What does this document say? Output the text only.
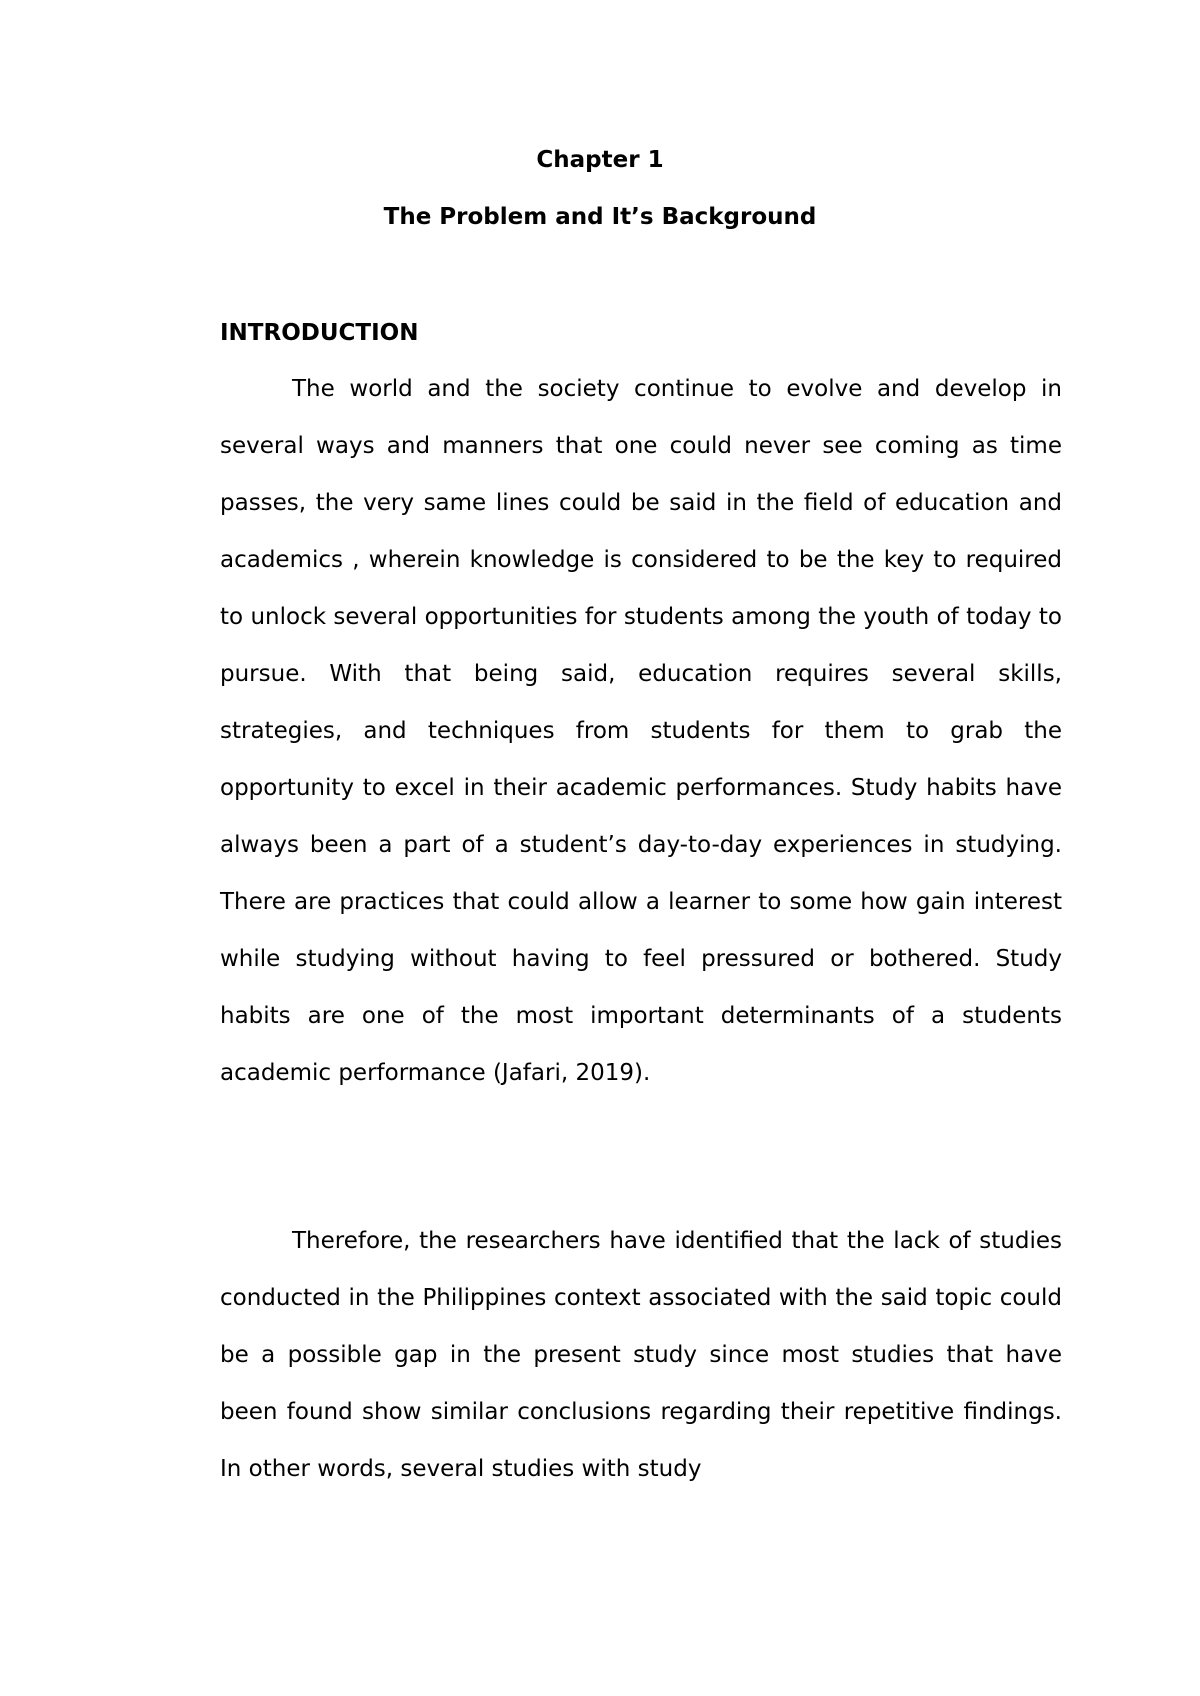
Chapter 1

The Problem and It’s Background

INTRODUCTION

The world and the society continue to evolve and develop in several ways and manners that one could never see coming as time passes, the very same lines could be said in the field of education and academics , wherein knowledge is considered to be the key to required to unlock several opportunities for students among the youth of today to pursue. With that being said, education requires several skills, strategies, and techniques from students for them to grab the opportunity to excel in their academic performances. Study habits have always been a part of a student’s day-to-day experiences in studying. There are practices that could allow a learner to some how gain interest while studying without having to feel pressured or bothered. Study habits are one of the most important determinants of a students academic performance (Jafari, 2019).

Therefore, the researchers have identified that the lack of studies conducted in the Philippines context associated with the said topic could be a possible gap in the present study since most studies that have been found show similar conclusions regarding their repetitive findings. In other words, several studies with study
